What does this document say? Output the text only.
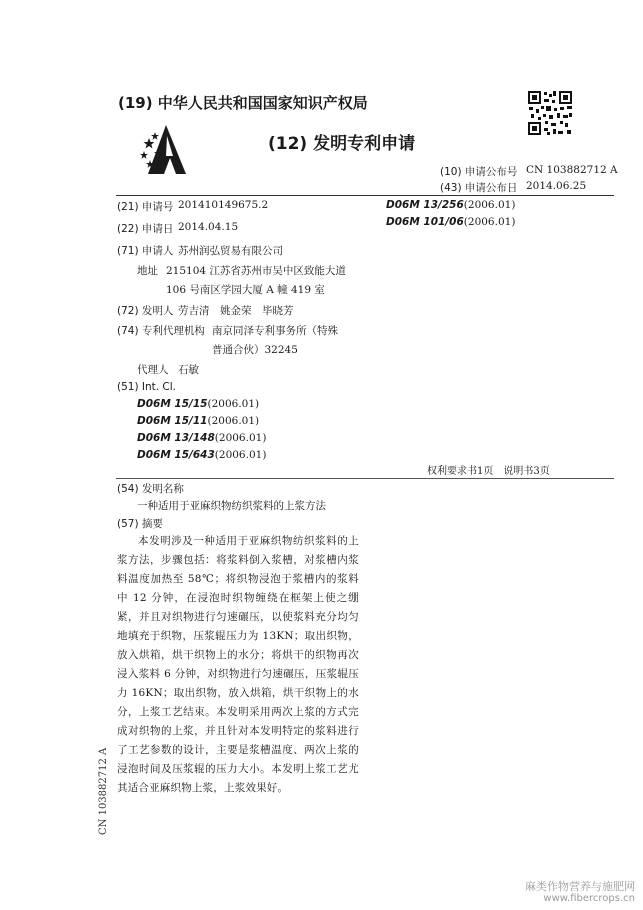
(19) 中华人民共和国国家知识产权局
(12) 发明专利申请
(10) 申请公布号 CN 103882712 A
(43) 申请公布日 2014.06.25
(21) 申请号 201410149675.2
(22) 申请日 2014.04.15
(71) 申请人 苏州润弘贸易有限公司
地址 215104 江苏省苏州市吴中区致能大道
106 号南区学园大厦 A 幢 419 室
(72) 发明人 劳吉清　姚金荣　毕晓芳
(74) 专利代理机构 南京同泽专利事务所（特殊
普通合伙）32245
代理人 石敏
(51) Int. Cl.
D06M 15/15(2006.01)
D06M 15/11(2006.01)
D06M 13/148(2006.01)
D06M 15/643(2006.01)
D06M 13/256(2006.01)
D06M 101/06(2006.01)
权利要求书1页　说明书3页
(54) 发明名称
一种适用于亚麻织物纺织浆料的上浆方法
(57) 摘要
本发明涉及一种适用于亚麻织物纺织浆料的上浆方法，步骤包括：将浆料倒入浆槽，对浆槽内浆料温度加热至 58℃；将织物浸泡于浆槽内的浆料中 12 分钟，在浸泡时织物缠绕在框架上使之绷紧，并且对织物进行匀速碾压，以使浆料充分均匀地填充于织物，压浆辊压力为 13KN；取出织物，放入烘箱，烘干织物上的水分；将烘干的织物再次浸入浆料 6 分钟，对织物进行匀速碾压，压浆辊压力 16KN；取出织物，放入烘箱，烘干织物上的水分，上浆工艺结束。本发明采用两次上浆的方式完成对织物的上浆，并且针对本发明特定的浆料进行了工艺参数的设计，主要是浆槽温度、两次上浆的浸泡时间及压浆辊的压力大小。本发明上浆工艺尤其适合亚麻织物上浆，上浆效果好。
CN 103882712 A
麻类作物营养与施肥网
www.fibercrops.cn
